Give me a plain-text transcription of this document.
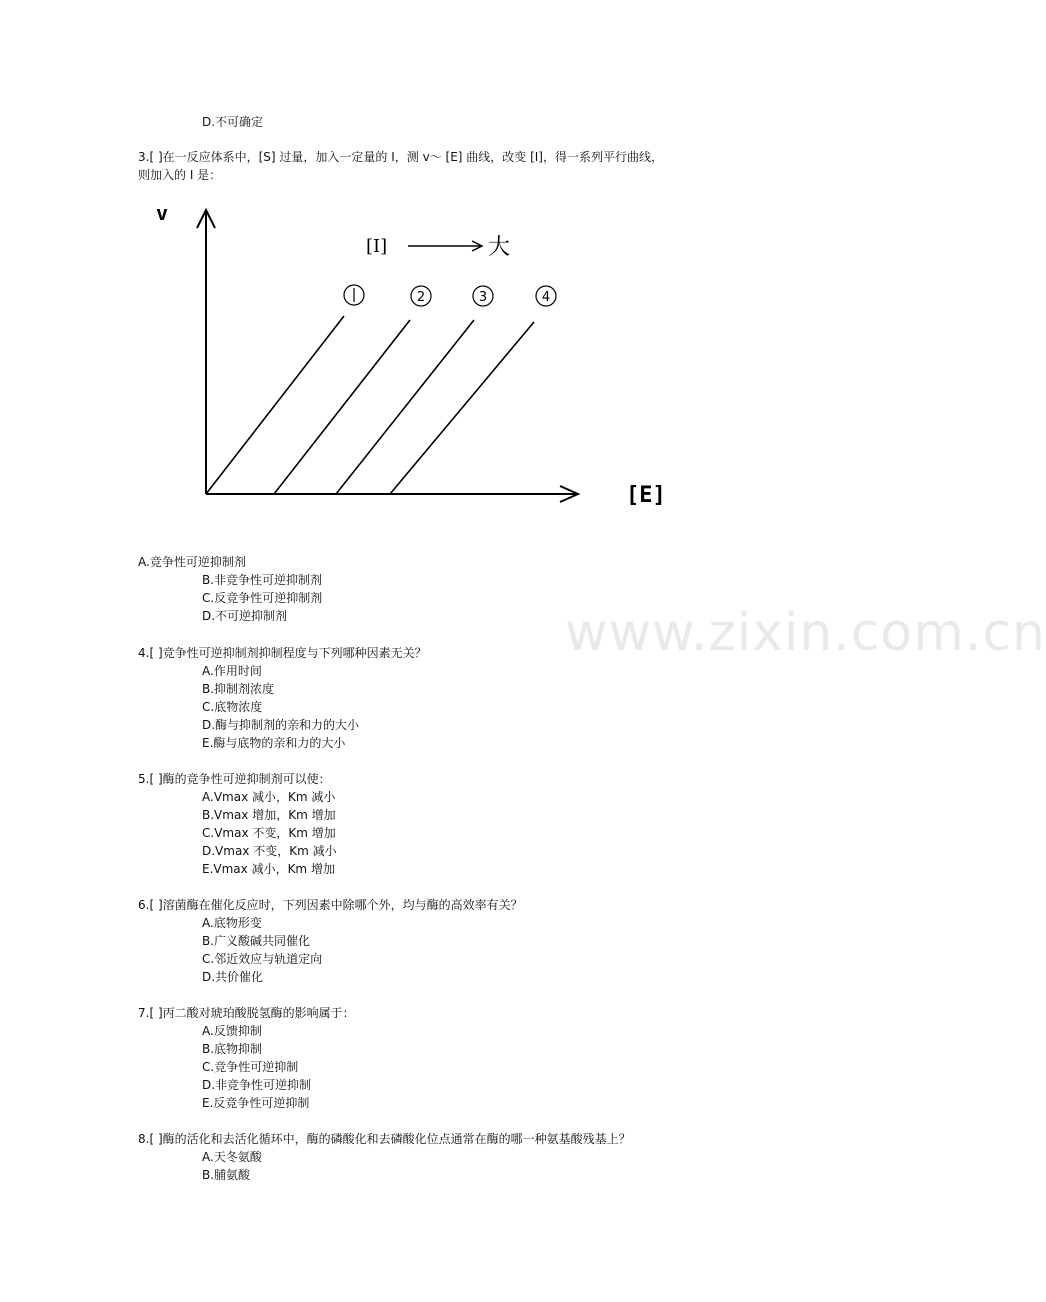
www.zixin.com.cn
D.不可确定
3.[ ]在一反应体系中，[S] 过量，加入一定量的 I，测 v～ [E] 曲线，改变 [I]，得一系列平行曲线，
则加入的 I 是：
v
[E]
[I]	大
2	3	4
A.竞争性可逆抑制剂
B.非竞争性可逆抑制剂
C.反竞争性可逆抑制剂
D.不可逆抑制剂
4.[ ]竞争性可逆抑制剂抑制程度与下列哪种因素无关？
A.作用时间
B.抑制剂浓度
C.底物浓度
D.酶与抑制剂的亲和力的大小
E.酶与底物的亲和力的大小
5.[ ]酶的竞争性可逆抑制剂可以使：
A.Vmax 减小，Km 减小
B.Vmax 增加，Km 增加
C.Vmax 不变，Km 增加
D.Vmax 不变，Km 减小
E.Vmax 减小，Km 增加
6.[ ]溶菌酶在催化反应时，下列因素中除哪个外，均与酶的高效率有关？
A.底物形变
B.广义酸碱共同催化
C.邻近效应与轨道定向
D.共价催化
7.[ ]丙二酸对琥珀酸脱氢酶的影响属于：
A.反馈抑制
B.底物抑制
C.竞争性可逆抑制
D.非竞争性可逆抑制
E.反竞争性可逆抑制
8.[ ]酶的活化和去活化循环中，酶的磷酸化和去磷酸化位点通常在酶的哪一种氨基酸残基上？
A.天冬氨酸
B.脯氨酸
